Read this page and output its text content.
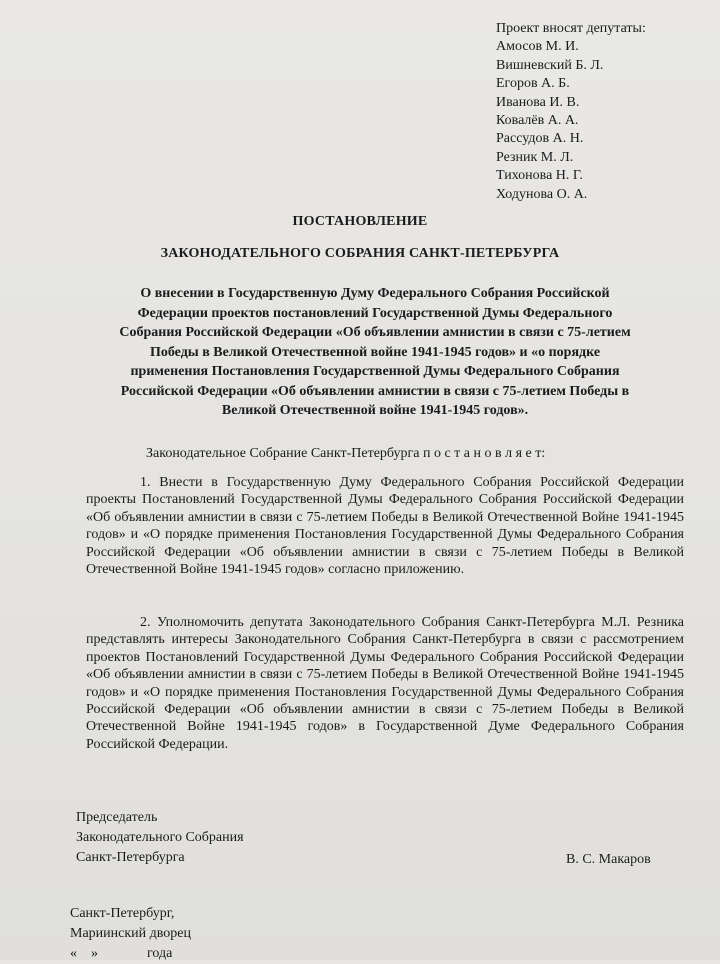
Проект вносят депутаты:
Амосов М. И.
Вишневский Б. Л.
Егоров А. Б.
Иванова И. В.
Ковалёв А. А.
Рассудов А. Н.
Резник М. Л.
Тихонова Н. Г.
Ходунова О. А.
ПОСТАНОВЛЕНИЕ
ЗАКОНОДАТЕЛЬНОГО СОБРАНИЯ САНКТ-ПЕТЕРБУРГА
О внесении в Государственную Думу Федерального Собрания Российской Федерации проектов постановлений Государственной Думы Федерального Собрания Российской Федерации «Об объявлении амнистии в связи с 75-летием Победы в Великой Отечественной войне 1941-1945 годов» и «о порядке применения Постановления Государственной Думы Федерального Собрания Российской Федерации «Об объявлении амнистии в связи с 75-летием Победы в Великой Отечественной войне 1941-1945 годов».
Законодательное Собрание Санкт-Петербурга п о с т а н о в л я е т:
1. Внести в Государственную Думу Федерального Собрания Российской Федерации проекты Постановлений Государственной Думы Федерального Собрания Российской Федерации «Об объявлении амнистии в связи с 75-летием Победы в Великой Отечественной Войне 1941-1945 годов» и «О порядке применения Постановления Государственной Думы Федерального Собрания Российской Федерации «Об объявлении амнистии в связи с 75-летием Победы в Великой Отечественной Войне 1941-1945 годов» согласно приложению.
2. Уполномочить депутата Законодательного Собрания Санкт-Петербурга М.Л. Резника представлять интересы Законодательного Собрания Санкт-Петербурга в связи с рассмотрением проектов Постановлений Государственной Думы Федерального Собрания Российской Федерации «Об объявлении амнистии в связи с 75-летием Победы в Великой Отечественной Войне 1941-1945 годов» и «О порядке применения Постановления Государственной Думы Федерального Собрания Российской Федерации «Об объявлении амнистии в связи с 75-летием Победы в Великой Отечественной Войне 1941-1945 годов» в Государственной Думе Федерального Собрания Российской Федерации.
Председатель
Законодательного Собрания
Санкт-Петербурга	В. С. Макаров
Санкт-Петербург,
Мариинский дворец
«    »              года
